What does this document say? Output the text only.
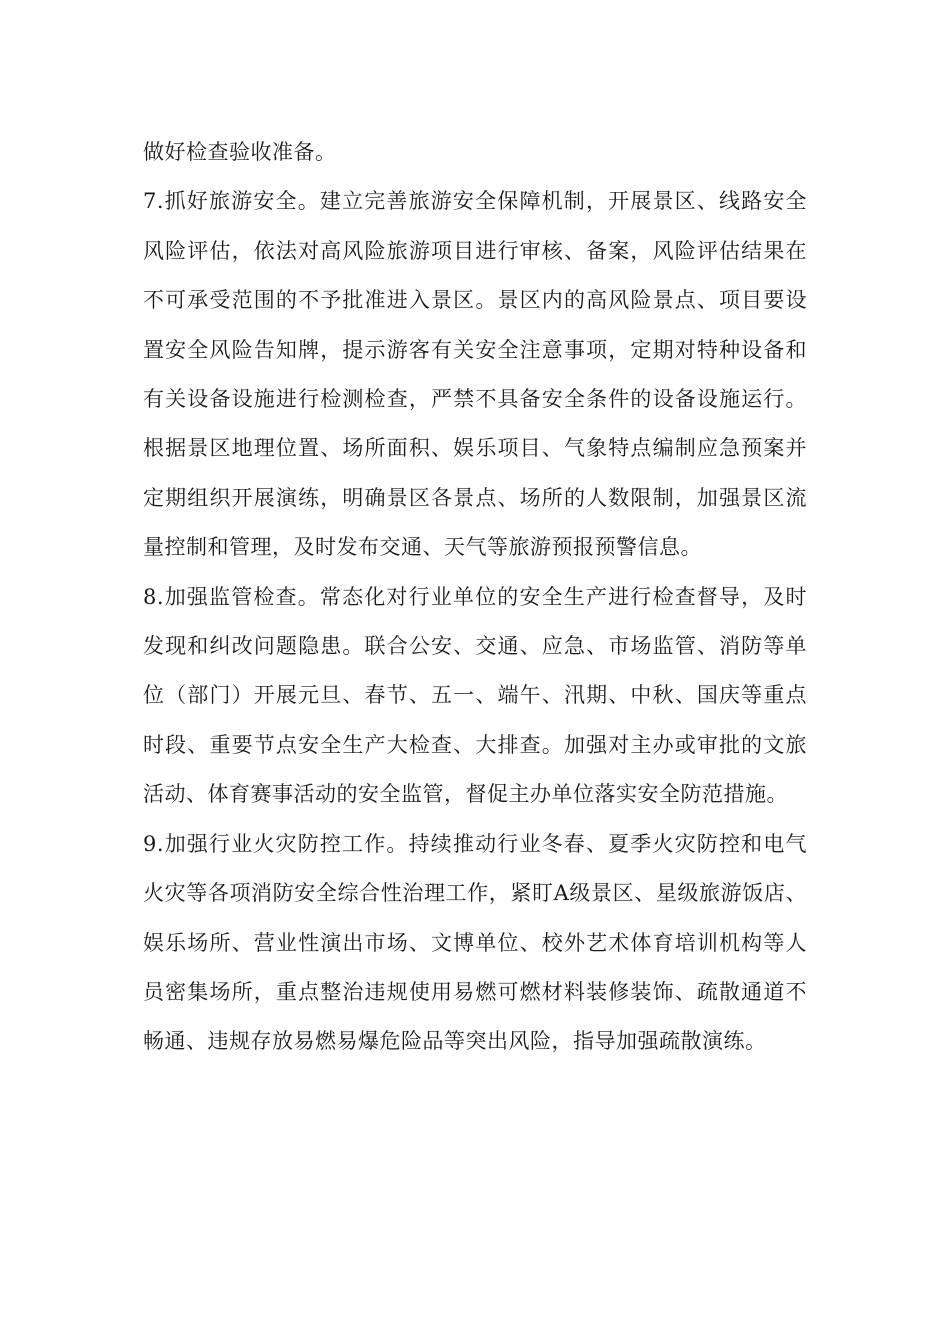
做好检查验收准备。

7.抓好旅游安全。建立完善旅游安全保障机制，开展景区、线路安全风险评估，依法对高风险旅游项目进行审核、备案，风险评估结果在不可承受范围的不予批准进入景区。景区内的高风险景点、项目要设置安全风险告知牌，提示游客有关安全注意事项，定期对特种设备和有关设备设施进行检测检查，严禁不具备安全条件的设备设施运行。根据景区地理位置、场所面积、娱乐项目、气象特点编制应急预案并定期组织开展演练，明确景区各景点、场所的人数限制，加强景区流量控制和管理，及时发布交通、天气等旅游预报预警信息。

8.加强监管检查。常态化对行业单位的安全生产进行检查督导，及时发现和纠改问题隐患。联合公安、交通、应急、市场监管、消防等单位（部门）开展元旦、春节、五一、端午、汛期、中秋、国庆等重点时段、重要节点安全生产大检查、大排查。加强对主办或审批的文旅活动、体育赛事活动的安全监管，督促主办单位落实安全防范措施。

9.加强行业火灾防控工作。持续推动行业冬春、夏季火灾防控和电气火灾等各项消防安全综合性治理工作，紧盯A级景区、星级旅游饭店、娱乐场所、营业性演出市场、文博单位、校外艺术体育培训机构等人员密集场所，重点整治违规使用易燃可燃材料装修装饰、疏散通道不畅通、违规存放易燃易爆危险品等突出风险，指导加强疏散演练。
